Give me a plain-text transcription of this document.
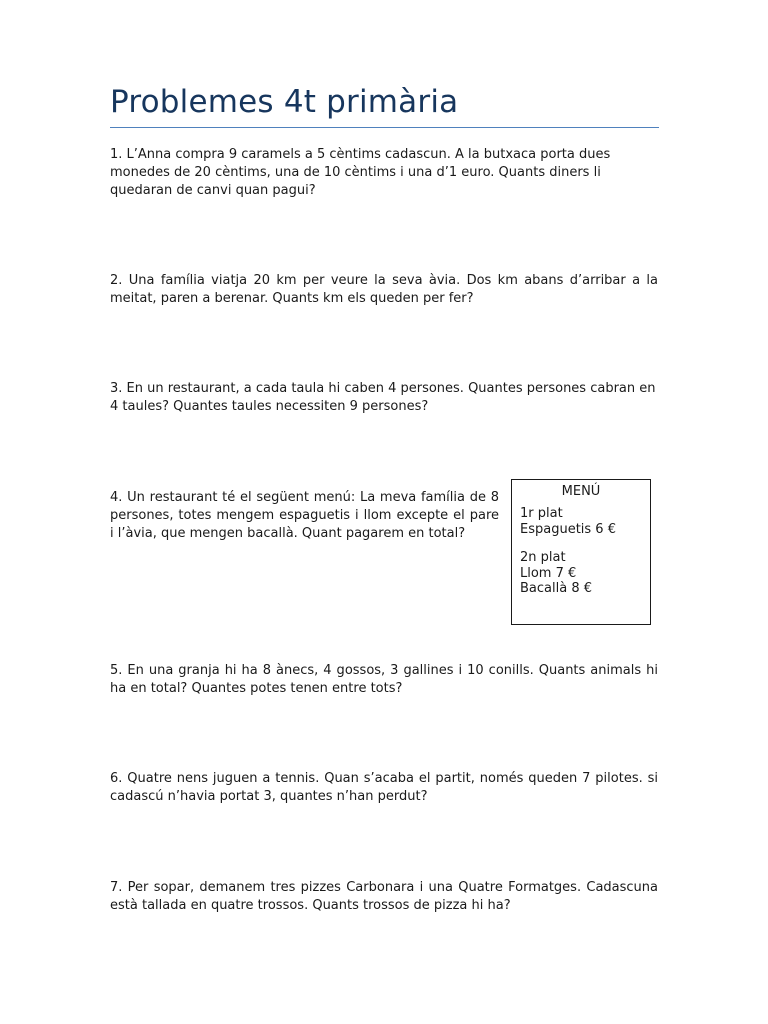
Problemes 4t primària

1. L’Anna compra 9 caramels a 5 cèntims cadascun. A la butxaca porta dues monedes de 20 cèntims, una de 10 cèntims i una d’1 euro. Quants diners li quedaran de canvi quan pagui?

2. Una família viatja 20 km per veure la seva àvia. Dos km abans d’arribar a la meitat, paren a berenar. Quants km els queden per fer?

3. En un restaurant, a cada taula hi caben 4 persones. Quantes persones cabran en 4 taules? Quantes taules necessiten 9 persones?

4. Un restaurant té el següent menú: La meva família de 8 persones, totes mengem espaguetis i llom excepte el pare i l’àvia, que mengen bacallà. Quant pagarem en total?

MENÚ
1r plat
Espaguetis 6 €
2n plat
Llom 7 €
Bacallà 8 €

5. En una granja hi ha 8 ànecs, 4 gossos, 3 gallines i 10 conills. Quants animals hi ha en total? Quantes potes tenen entre tots?

6. Quatre nens juguen a tennis. Quan s’acaba el partit, només queden 7 pilotes. si cadascú n’havia portat 3, quantes n’han perdut?

7. Per sopar, demanem tres pizzes Carbonara i una Quatre Formatges. Cadascuna està tallada en quatre trossos. Quants trossos de pizza hi ha?
